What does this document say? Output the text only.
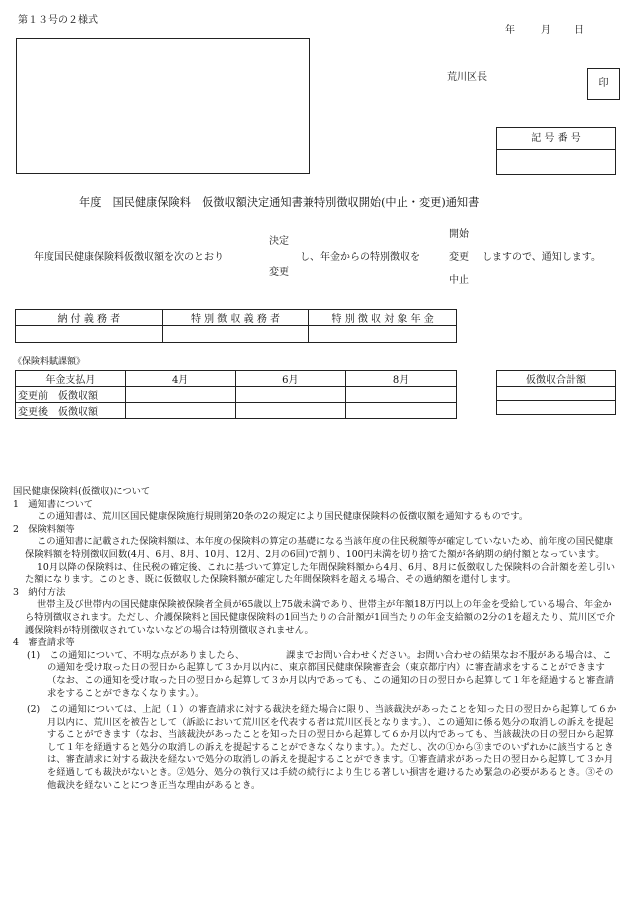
第１３号の２様式
年	月 日
荒川区長
印
記 号 番 号
年度　国民健康保険料　仮徴収額決定通知書兼特別徴収開始(中止・変更)通知書
年度国民健康保険料仮徴収額を次のとおり
決定
変更
し、年金からの特別徴収を
開始
変更
中止
しますので、通知します。
納 付 義 務 者	特 別 徴 収 義 務 者	特 別 徴 収 対 象 年 金

《保険料賦課額》
年金支払月	4月	6月	8月
変更前　仮徴収額			
変更後　仮徴収額			
仮徴収合計額

国民健康保険料(仮徴収)について
1　通知書について
この通知書は、荒川区国民健康保険施行規則第20条の2の規定により国民健康保険料の仮徴収額を通知するものです。
2　保険料額等
この通知書に記載された保険料額は、本年度の保険料の算定の基礎になる当該年度の住民税額等が確定していないため、前年度の国民健康保険料額を特別徴収回数(4月、6月、8月、10月、12月、2月の6回)で割り、100円未満を切り捨てた額が各納期の納付額となっています。
10月以降の保険料は、住民税の確定後、これに基づいて算定した年間保険料額から4月、6月、8月に仮徴収した保険料の合計額を差し引いた額になります。このとき、既に仮徴収した保険料額が確定した年間保険料を超える場合、その過納額を還付します。
3　納付方法
世帯主及び世帯内の国民健康保険被保険者全員が65歳以上75歳未満であり、世帯主が年額18万円以上の年金を受給している場合、年金から特別徴収されます。ただし、介護保険料と国民健康保険料の1回当たりの合計額が1回当たりの年金支給額の2分の1を超えたり、荒川区で介護保険料が特別徴収されていないなどの場合は特別徴収されません。
4　審査請求等
(1)　この通知について、不明な点がありましたら、　　　　　課までお問い合わせください。お問い合わせの結果なお不服がある場合は、この通知を受け取った日の翌日から起算して３か月以内に、東京都国民健康保険審査会（東京都庁内）に審査請求をすることができます（なお、この通知を受け取った日の翌日から起算して３か月以内であっても、この通知の日の翌日から起算して１年を経過すると審査請求をすることができなくなります。）。
(2)　この通知については、上記（１）の審査請求に対する裁決を経た場合に限り、当該裁決があったことを知った日の翌日から起算して６か月以内に、荒川区を被告として（訴訟において荒川区を代表する者は荒川区長となります。）、この通知に係る処分の取消しの訴えを提起することができます（なお、当該裁決があったことを知った日の翌日から起算して６か月以内であっても、当該裁決の日の翌日から起算して１年を経過すると処分の取消しの訴えを提起することができなくなります。）。ただし、次の①から③までのいずれかに該当するときは、審査請求に対する裁決を経ないで処分の取消しの訴えを提起することができます。①審査請求があった日の翌日から起算して３か月を経過しても裁決がないとき。②処分、処分の執行又は手続の続行により生じる著しい損害を避けるため緊急の必要があるとき。③その他裁決を経ないことにつき正当な理由があるとき。
